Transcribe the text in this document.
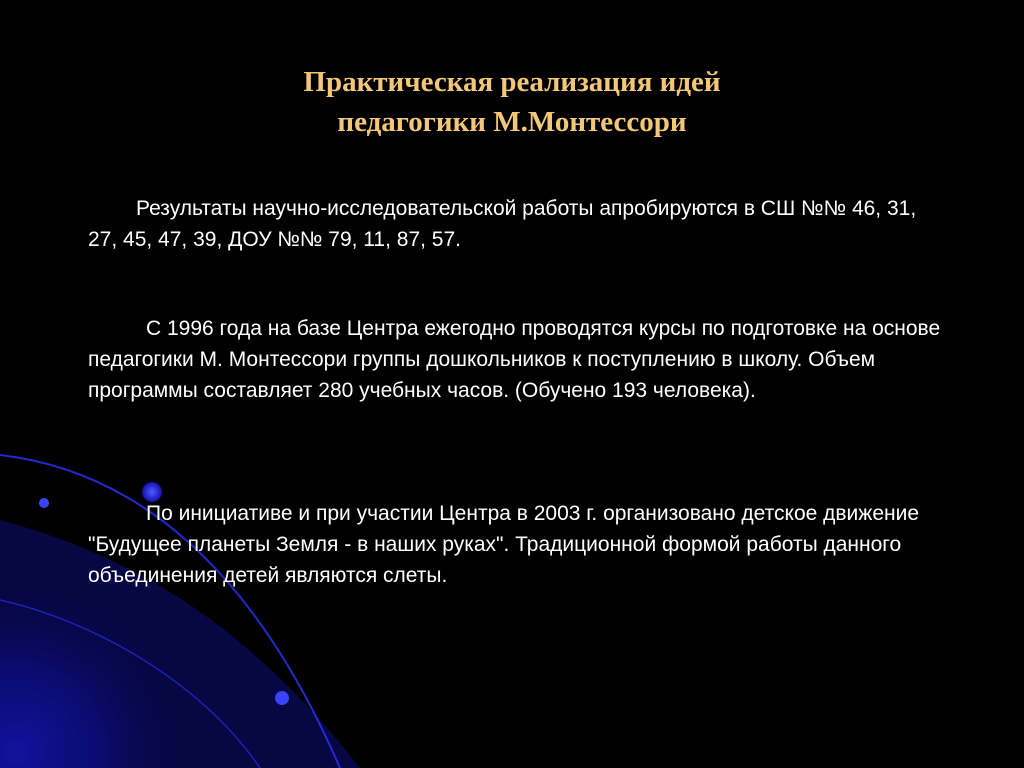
Практическая реализация идей
педагогики М.Монтессори
Результаты научно-исследовательской работы апробируются в СШ №№ 46, 31, 27, 45, 47, 39, ДОУ №№ 79, 11, 87, 57.
С 1996 года на базе Центра ежегодно проводятся курсы по подготовке на основе педагогики М. Монтессори группы дошкольников к поступлению в школу. Объем программы составляет 280 учебных часов. (Обучено 193 человека).
По инициативе и при участии Центра в 2003 г. организовано детское движение "Будущее планеты Земля - в наших руках". Традиционной формой работы данного объединения детей являются слеты.
